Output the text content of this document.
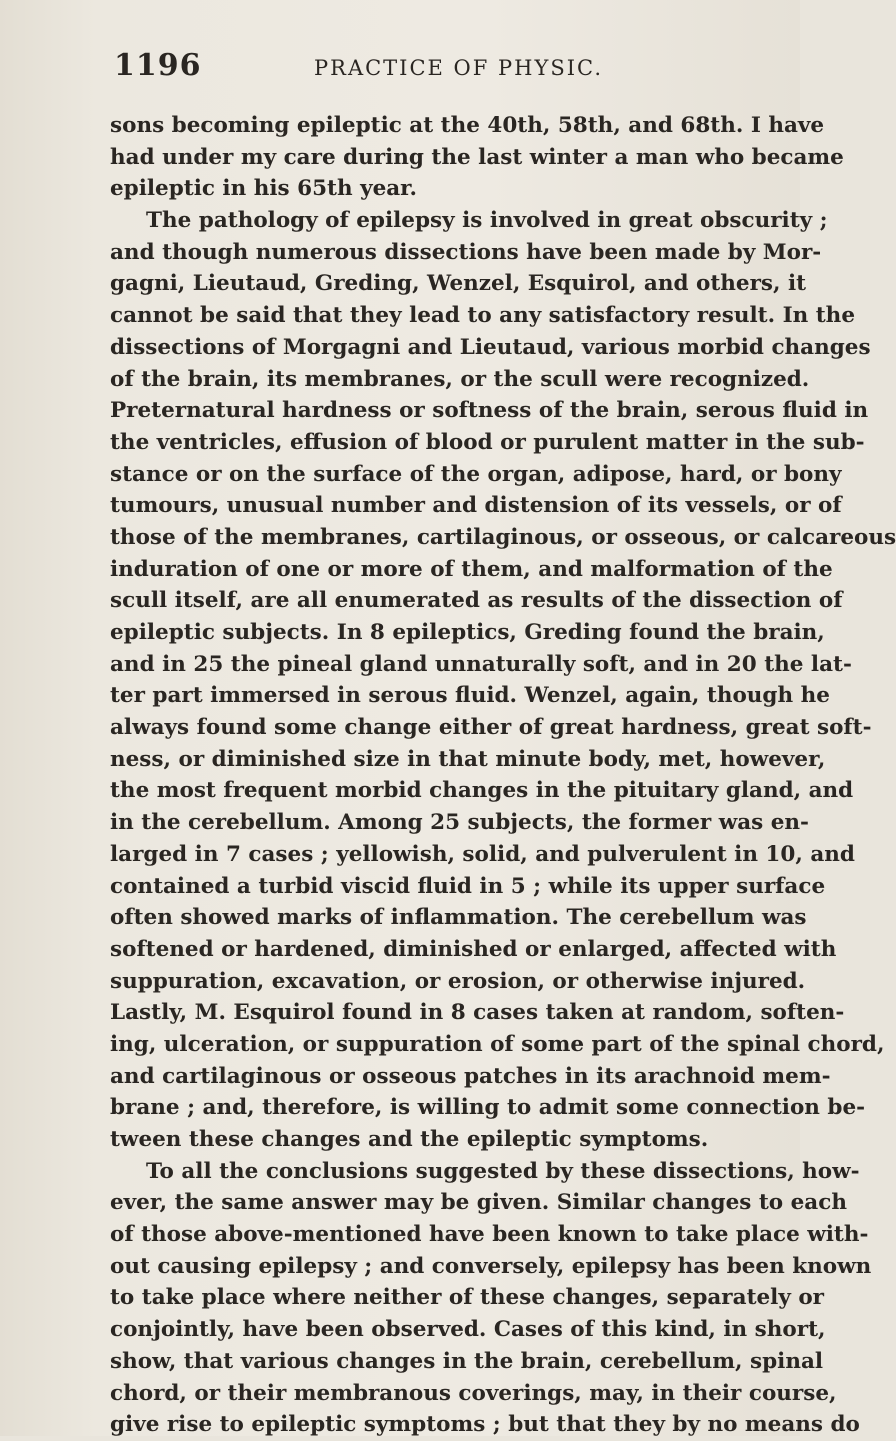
1196	PRACTICE OF PHYSIC.
sons becoming epileptic at the 40th, 58th, and 68th. I have
had under my care during the last winter a man who became
epileptic in his 65th year.
The pathology of epilepsy is involved in great obscurity ;
and though numerous dissections have been made by Mor-
gagni, Lieutaud, Greding, Wenzel, Esquirol, and others, it
cannot be said that they lead to any satisfactory result. In the
dissections of Morgagni and Lieutaud, various morbid changes
of the brain, its membranes, or the scull were recognized.
Preternatural hardness or softness of the brain, serous fluid in
the ventricles, effusion of blood or purulent matter in the sub-
stance or on the surface of the organ, adipose, hard, or bony
tumours, unusual number and distension of its vessels, or of
those of the membranes, cartilaginous, or osseous, or calcareous
induration of one or more of them, and malformation of the
scull itself, are all enumerated as results of the dissection of
epileptic subjects. In 8 epileptics, Greding found the brain,
and in 25 the pineal gland unnaturally soft, and in 20 the lat-
ter part immersed in serous fluid. Wenzel, again, though he
always found some change either of great hardness, great soft-
ness, or diminished size in that minute body, met, however,
the most frequent morbid changes in the pituitary gland, and
in the cerebellum. Among 25 subjects, the former was en-
larged in 7 cases ; yellowish, solid, and pulverulent in 10, and
contained a turbid viscid fluid in 5 ; while its upper surface
often showed marks of inflammation. The cerebellum was
softened or hardened, diminished or enlarged, affected with
suppuration, excavation, or erosion, or otherwise injured.
Lastly, M. Esquirol found in 8 cases taken at random, soften-
ing, ulceration, or suppuration of some part of the spinal chord,
and cartilaginous or osseous patches in its arachnoid mem-
brane ; and, therefore, is willing to admit some connection be-
tween these changes and the epileptic symptoms.
To all the conclusions suggested by these dissections, how-
ever, the same answer may be given. Similar changes to each
of those above-mentioned have been known to take place with-
out causing epilepsy ; and conversely, epilepsy has been known
to take place where neither of these changes, separately or
conjointly, have been observed. Cases of this kind, in short,
show, that various changes in the brain, cerebellum, spinal
chord, or their membranous coverings, may, in their course,
give rise to epileptic symptoms ; but that they by no means do
